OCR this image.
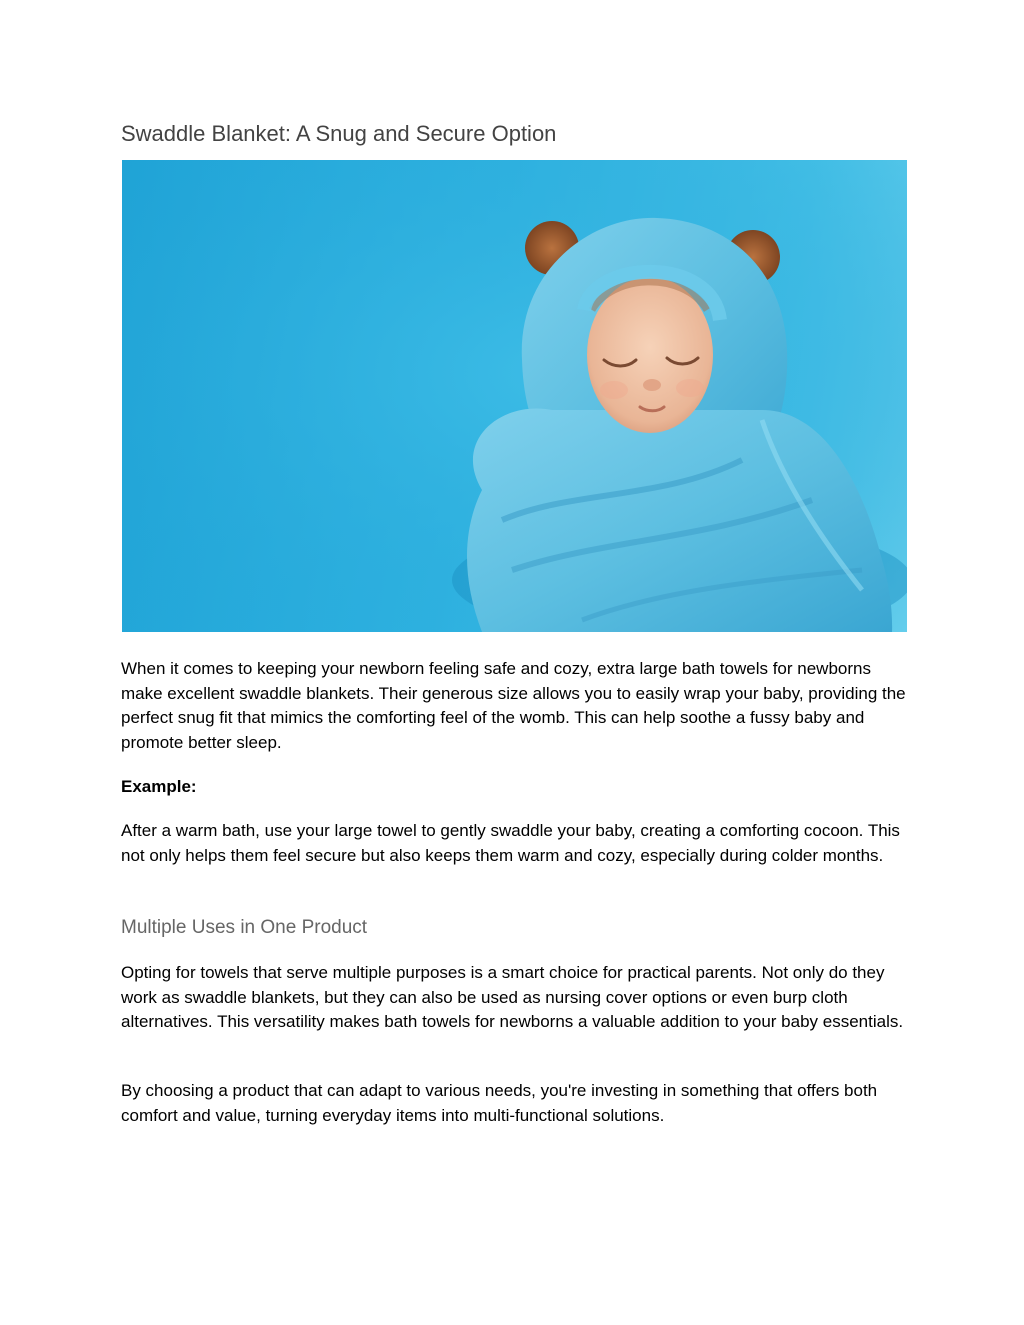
Swaddle Blanket: A Snug and Secure Option

When it comes to keeping your newborn feeling safe and cozy, extra large bath towels for newborns make excellent swaddle blankets. Their generous size allows you to easily wrap your baby, providing the perfect snug fit that mimics the comforting feel of the womb. This can help soothe a fussy baby and promote better sleep.

Example:

After a warm bath, use your large towel to gently swaddle your baby, creating a comforting cocoon. This not only helps them feel secure but also keeps them warm and cozy, especially during colder months.

Multiple Uses in One Product

Opting for towels that serve multiple purposes is a smart choice for practical parents. Not only do they work as swaddle blankets, but they can also be used as nursing cover options or even burp cloth alternatives. This versatility makes bath towels for newborns a valuable addition to your baby essentials.

By choosing a product that can adapt to various needs, you're investing in something that offers both comfort and value, turning everyday items into multi-functional solutions.
